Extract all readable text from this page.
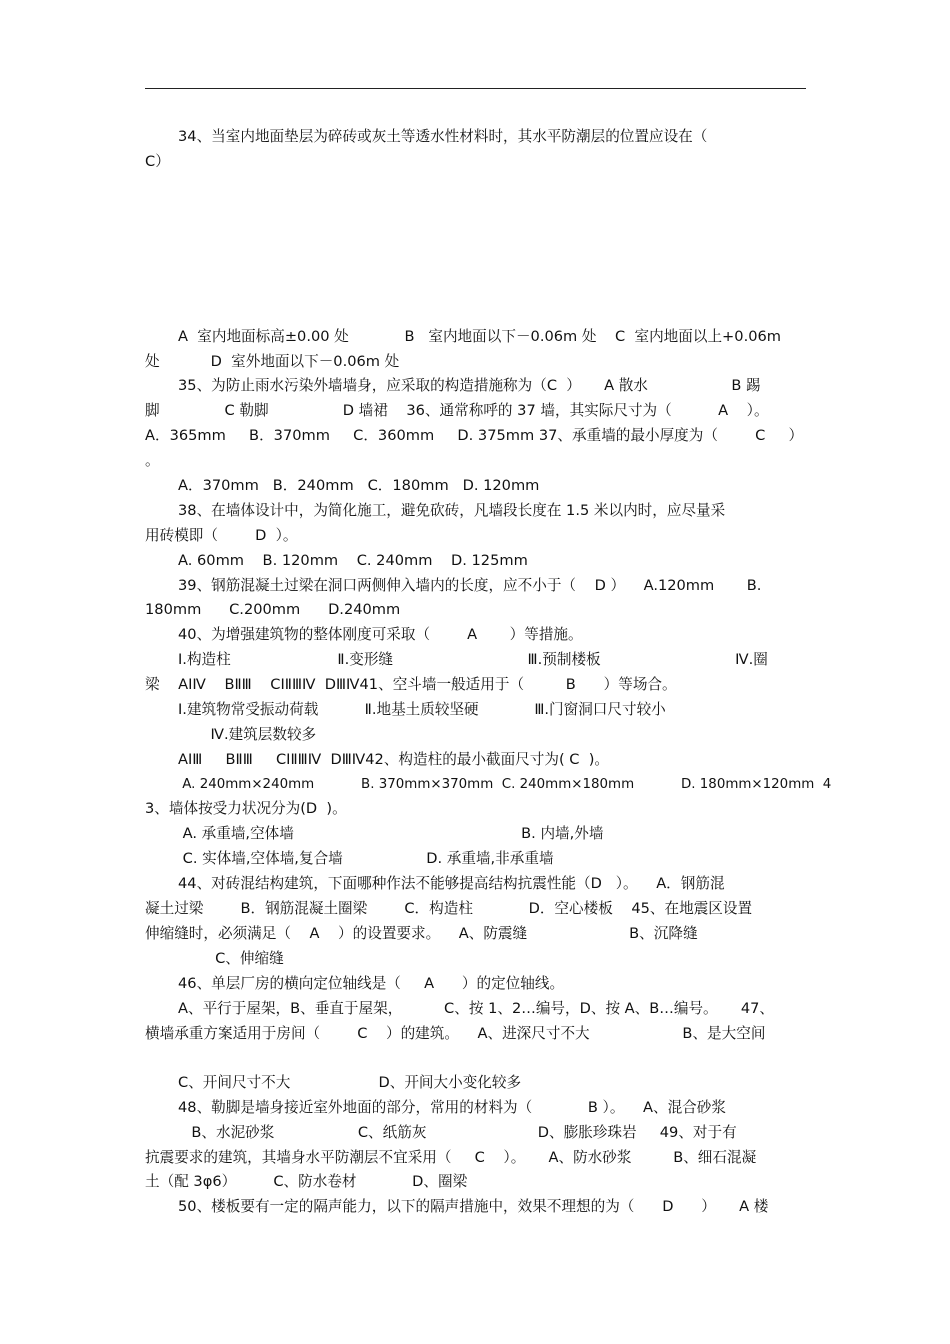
34、当室内地面垫层为碎砖或灰土等透水性材料时，其水平防潮层的位置应设在（
C）
A  室内地面标高±0.00 处            B   室内地面以下－0.06m 处    C  室内地面以上+0.06m
处           D  室外地面以下－0.06m 处
35、为防止雨水污染外墙墙身，应采取的构造措施称为（C  ）     A 散水                  B 踢
脚              C 勒脚                D 墙裙    36、通常称呼的 37 墙，其实际尺寸为（          A    ）。
A．365mm     B．370mm     C．360mm     D. 375mm 37、承重墙的最小厚度为（        C     ）
。
A．370mm   B．240mm   C．180mm   D. 120mm
38、在墙体设计中，为简化施工，避免砍砖，凡墙段长度在 1.5 米以内时，应尽量采
用砖模即（        D  ）。
A. 60mm    B. 120mm    C. 240mm    D. 125mm
39、钢筋混凝土过梁在洞口两侧伸入墙内的长度，应不小于（    D ）    A.120mm       B.
180mm      C.200mm      D.240mm
40、为增强建筑物的整体刚度可采取（        A       ）等措施。
Ⅰ.构造柱                       Ⅱ.变形缝                             Ⅲ.预制楼板                             Ⅳ.圈
梁    AⅠⅣ    BⅡⅢ    CⅠⅡⅢⅣ  DⅢⅣ41、空斗墙一般适用于（         B      ）等场合。
Ⅰ.建筑物常受振动荷载          Ⅱ.地基土质较坚硬            Ⅲ.门窗洞口尺寸较小
Ⅳ.建筑层数较多
AⅠⅢ     BⅡⅢ     CⅠⅡⅢⅣ  DⅢⅣ42、构造柱的最小截面尺寸为( C  )。
A. 240mm×240mm           B. 370mm×370mm  C. 240mm×180mm           D. 180mm×120mm  4
3、墙体按受力状况分为(D  )。
A. 承重墙,空体墙                                                 B. 内墙,外墙
C. 实体墙,空体墙,复合墙                  D. 承重墙,非承重墙
44、对砖混结构建筑，下面哪种作法不能够提高结构抗震性能（D   ）。    A．钢筋混
凝土过梁        B．钢筋混凝土圈梁        C．构造柱            D．空心楼板    45、在地震区设置
伸缩缝时，必须满足（    A    ）的设置要求。    A、防震缝                      B、沉降缝
C、伸缩缝
46、单层厂房的横向定位轴线是（     A      ）的定位轴线。
A、平行于屋架，B、垂直于屋架，         C、按 1、2…编号，D、按 A、B…编号。     47、
横墙承重方案适用于房间（        C    ）的建筑。    A、进深尺寸不大                    B、是大空间
C、开间尺寸不大                   D、开间大小变化较多
48、勒脚是墙身接近室外地面的部分，常用的材料为（            B ）。    A、混合砂浆
B、水泥砂浆                  C、纸筋灰                        D、膨胀珍珠岩     49、对于有
抗震要求的建筑，其墙身水平防潮层不宜采用（     C    ）。     A、防水砂浆         B、细石混凝
土（配 3φ6）        C、防水卷材            D、圈梁
50、楼板要有一定的隔声能力，以下的隔声措施中，效果不理想的为（      D      ）     A 楼
